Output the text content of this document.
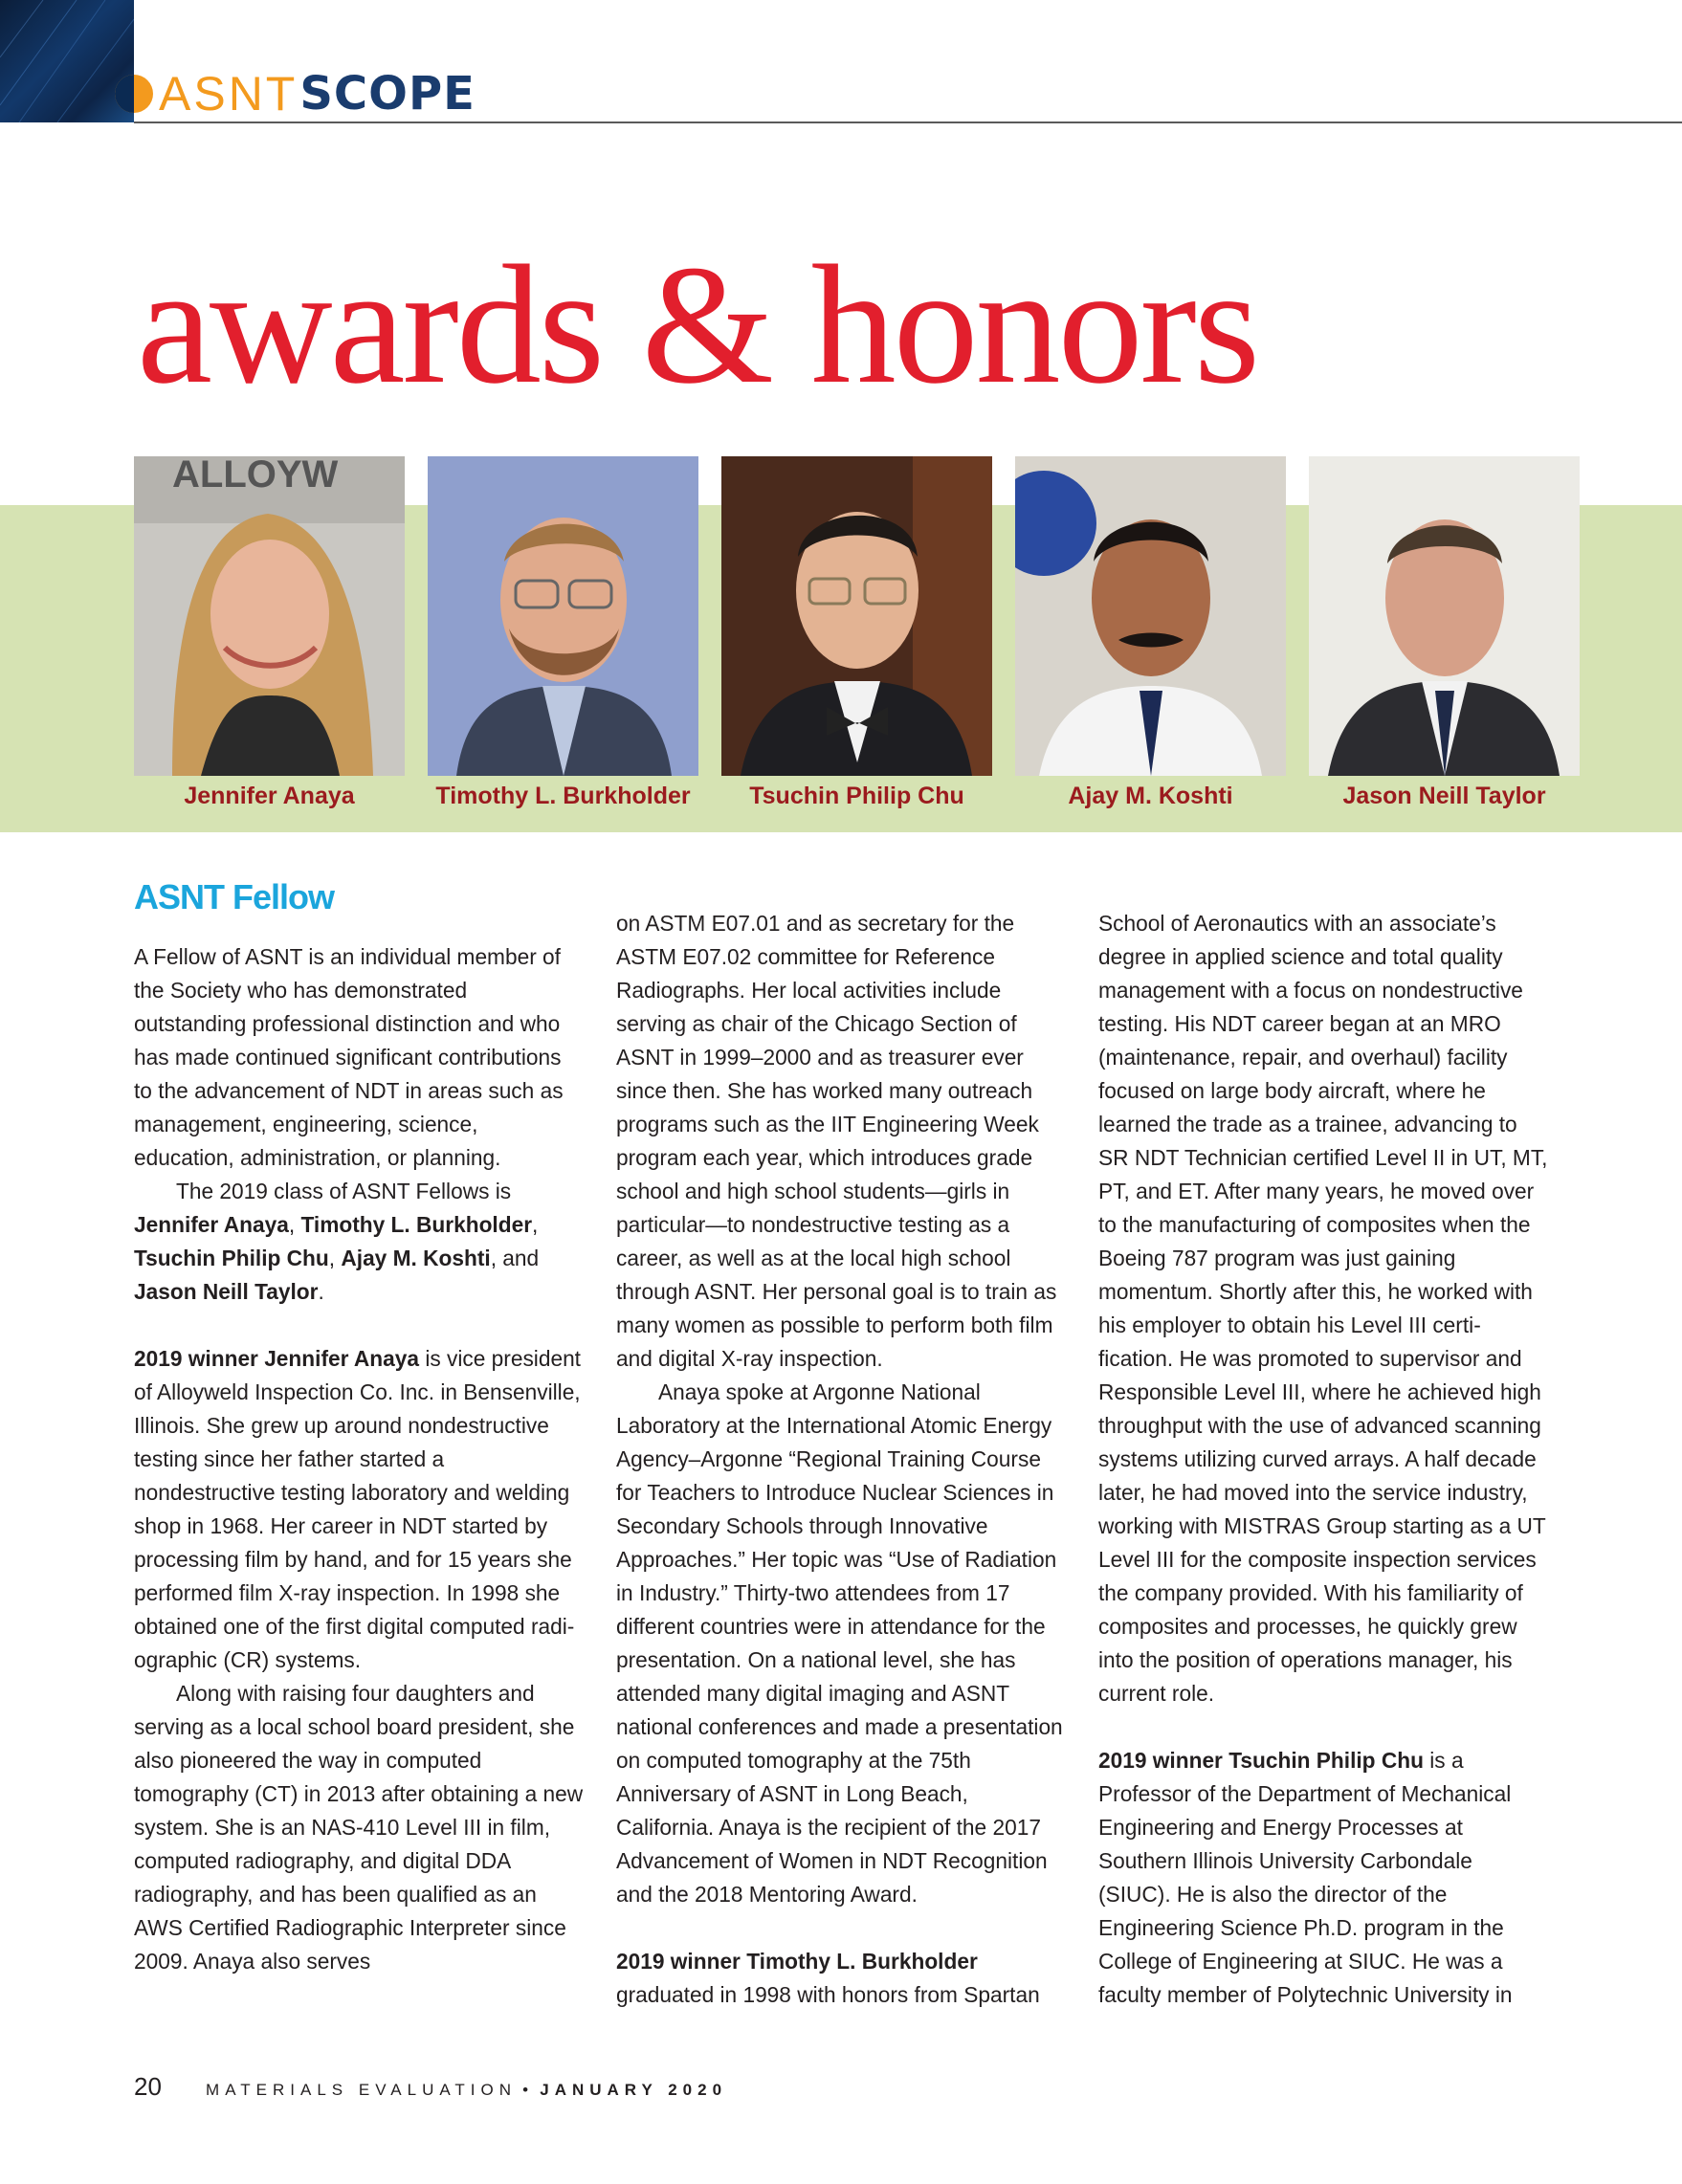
ASNT SCOPE
awards & honors
ALLOYW
Jennifer Anaya	Timothy L. Burkholder	Tsuchin Philip Chu	Ajay M. Koshti	Jason Neill Taylor
ASNT Fellow

A Fellow of ASNT is an individual member of the Society who has demonstrated outstanding professional distinction and who has made continued significant contributions to the advancement of NDT in areas such as management, engineering, science, education, administration, or planning.

The 2019 class of ASNT Fellows is Jennifer Anaya, Timothy L. Burkholder, Tsuchin Philip Chu, Ajay M. Koshti, and Jason Neill Taylor.

2019 winner Jennifer Anaya is vice president of Alloyweld Inspection Co. Inc. in Bensenville, Illinois. She grew up around nondestructive testing since her father started a nondestructive testing laboratory and welding shop in 1968. Her career in NDT started by processing film by hand, and for 15 years she performed film X-ray inspection. In 1998 she obtained one of the first digital computed radiographic (CR) systems.

Along with raising four daughters and serving as a local school board president, she also pioneered the way in computed tomography (CT) in 2013 after obtaining a new system. She is an NAS-410 Level III in film, computed radiography, and digital DDA radiography, and has been qualified as an AWS Certified Radiographic Interpreter since 2009. Anaya also serves

on ASTM E07.01 and as secretary for the ASTM E07.02 committee for Reference Radiographs. Her local activities include serving as chair of the Chicago Section of ASNT in 1999–2000 and as treasurer ever since then. She has worked many outreach programs such as the IIT Engineering Week program each year, which introduces grade school and high school students—girls in particular—to nondestructive testing as a career, as well as at the local high school through ASNT. Her personal goal is to train as many women as possible to perform both film and digital X-ray inspection.

Anaya spoke at Argonne National Laboratory at the International Atomic Energy Agency–Argonne “Regional Training Course for Teachers to Introduce Nuclear Sciences in Secondary Schools through Innovative Approaches.” Her topic was “Use of Radiation in Industry.” Thirty-two attendees from 17 different countries were in attendance for the presentation. On a national level, she has attended many digital imaging and ASNT national conferences and made a presentation on computed tomography at the 75th Anniversary of ASNT in Long Beach, California. Anaya is the recipient of the 2017 Advancement of Women in NDT Recognition and the 2018 Mentoring Award.

2019 winner Timothy L. Burkholder
graduated in 1998 with honors from Spartan

School of Aeronautics with an associate’s degree in applied science and total quality management with a focus on nondestructive testing. His NDT career began at an MRO (maintenance, repair, and overhaul) facility focused on large body aircraft, where he learned the trade as a trainee, advancing to SR NDT Technician certified Level II in UT, MT, PT, and ET. After many years, he moved over to the manufacturing of composites when the Boeing 787 program was just gaining momentum. Shortly after this, he worked with his employer to obtain his Level III certification. He was promoted to supervisor and Responsible Level III, where he achieved high throughput with the use of advanced scanning systems utilizing curved arrays. A half decade later, he had moved into the service industry, working with MISTRAS Group starting as a UT Level III for the composite inspection services the company provided. With his familiarity of composites and processes, he quickly grew into the position of operations manager, his current role.

2019 winner Tsuchin Philip Chu is a Professor of the Department of Mechanical Engineering and Energy Processes at Southern Illinois University Carbondale (SIUC). He is also the director of the Engineering Science Ph.D. program in the College of Engineering at SIUC. He was a faculty member of Polytechnic University in

20	MATERIALS EVALUATION • JANUARY 2020
